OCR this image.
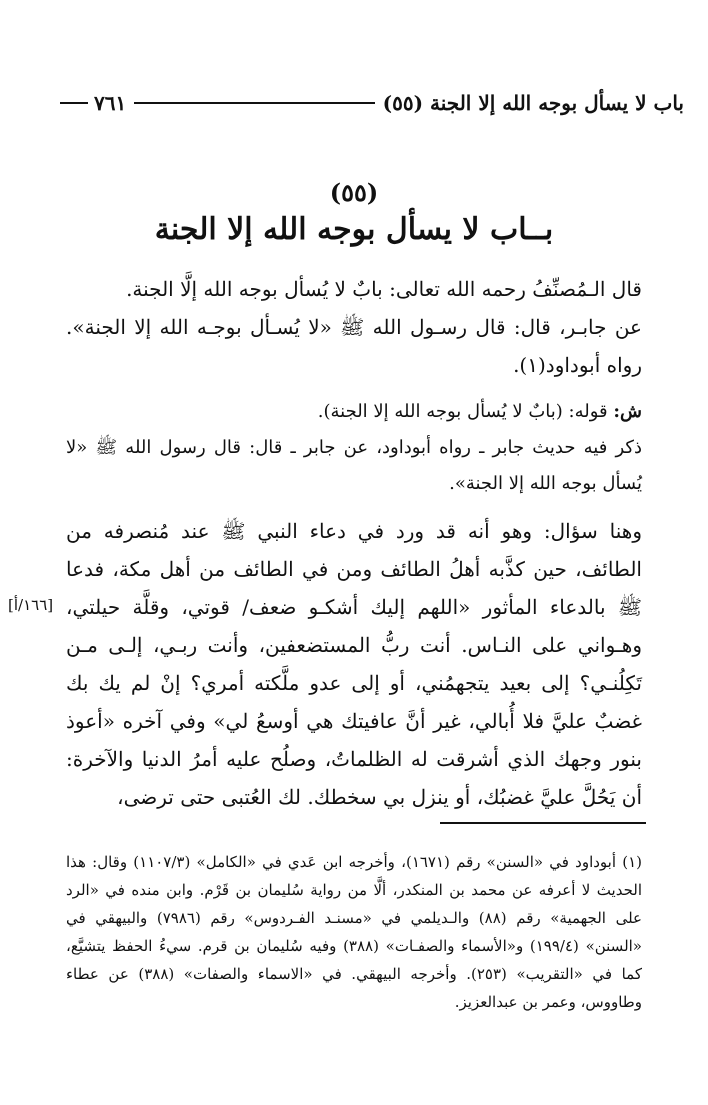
باب لا يسأل بوجه الله إلا الجنة (٥٥)
٧٦١
(٥٥)
بــاب لا يسأل بوجه الله إلا الجنة

قال الـمُصنِّفُ رحمه الله تعالى: بابٌ لا يُسأل بوجه الله إلَّا الجنة.

عن جابـر، قال: قال رسـول الله ﷺ «لا يُسـأل بوجـه الله إلا الجنة». رواه أبوداود(١).

ش: قوله: (بابٌ لا يُسأل بوجه الله إلا الجنة).

ذكر فيه حديث جابر ـ رواه أبوداود، عن جابر ـ قال: قال رسول الله ﷺ «لا يُسأل بوجه الله إلا الجنة».

وهنا سؤال: وهو أنه قد ورد في دعاء النبي ﷺ عند مُنصرفه من الطائف، حين كذَّبه أهلُ الطائف ومن في الطائف من أهل مكة، فدعا ﷺ بالدعاء المأثور «اللهم إليك أشكـو ضعف/ قوتي، وقلَّة حيلتي، وهـواني على النـاس. أنت ربُّ المستضعفين، وأنت ربـي، إلـى مـن تَكِلُنـي؟ إلى بعيد يتجهمُني، أو إلى عدو ملَّكته أمري؟ إنْ لم يك بك غضبٌ عليَّ فلا أُبالي، غير أنَّ عافيتك هي أوسعُ لي» وفي آخره «أعوذ بنور وجهك الذي أشرقت له الظلماتُ، وصلُح عليه أمرُ الدنيا والآخرة: أن يَحُلَّ عليَّ غضبُك، أو ينزل بي سخطك. لك العُتبى حتى ترضى،

[١٦٦/أ]
(١) أبوداود في «السنن» رقم (١٦٧١)، وأخرجه ابن عَدي في «الكامل» (١١٠٧/٣) وقال: هذا الحديث لا أعرفه عن محمد بن المنكدر، ألَّا من رواية سُليمان بن قَرْم. وابن منده في «الرد على الجهمية» رقم (٨٨) والـديلمي في «مسنـد الفـردوس» رقم (٧٩٨٦) والبيهقي في «السنن» (١٩٩/٤) و«الأسماء والصفـات» (٣٨٨) وفيه سُليمان بن قرم. سيءُ الحفظ يتشيَّع، كما في «التقريب» (٢٥٣). وأخرجه البيهقي. في «الاسماء والصفات» (٣٨٨) عن عطاء وطاووس، وعمر بن عبدالعزيز.
